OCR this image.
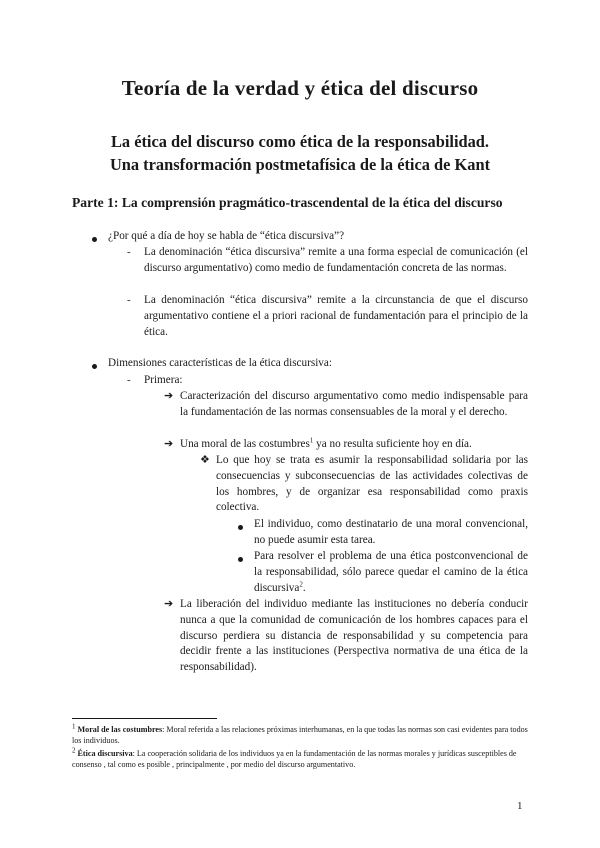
Teoría de la verdad y ética del discurso
La ética del discurso como ética de la responsabilidad.
Una transformación postmetafísica de la ética de Kant
Parte 1: La comprensión pragmático-trascendental de la ética del discurso
¿Por qué a día de hoy se habla de “ética discursiva”?
- La denominación “ética discursiva” remite a una forma especial de comunicación (el discurso argumentativo) como medio de fundamentación concreta de las normas.
- La denominación “ética discursiva” remite a la circunstancia de que el discurso argumentativo contiene el a priori racional de fundamentación para el principio de la ética.
Dimensiones características de la ética discursiva:
- Primera:
➔ Caracterización del discurso argumentativo como medio indispensable para la fundamentación de las normas consensuables de la moral y el derecho.
➔ Una moral de las costumbres$^1$ ya no resulta suficiente hoy en día.
❖ Lo que hoy se trata es asumir la responsabilidad solidaria por las consecuencias y subconsecuencias de las actividades colectivas de los hombres, y de organizar esa responsabilidad como praxis colectiva.
El individuo, como destinatario de una moral convencional, no puede asumir esta tarea.
Para resolver el problema de una ética postconvencional de la responsabilidad, sólo parece quedar el camino de la ética discursiva$^2$.
➔ La liberación del individuo mediante las instituciones no debería conducir nunca a que la comunidad de comunicación de los hombres capaces para el discurso perdiera su distancia de responsabilidad y su competencia para decidir frente a las instituciones (Perspectiva normativa de una ética de la responsabilidad).
$^1$ Moral de las costumbres: Moral referida a las relaciones próximas interhumanas, en la que todas las normas son casi evidentes para todos los individuos.
$^2$ Ética discursiva: La cooperación solidaria de los individuos ya en la fundamentación de las normas morales y jurídicas susceptibles de consenso , tal como es posible , principalmente , por medio del discurso argumentativo.
1
